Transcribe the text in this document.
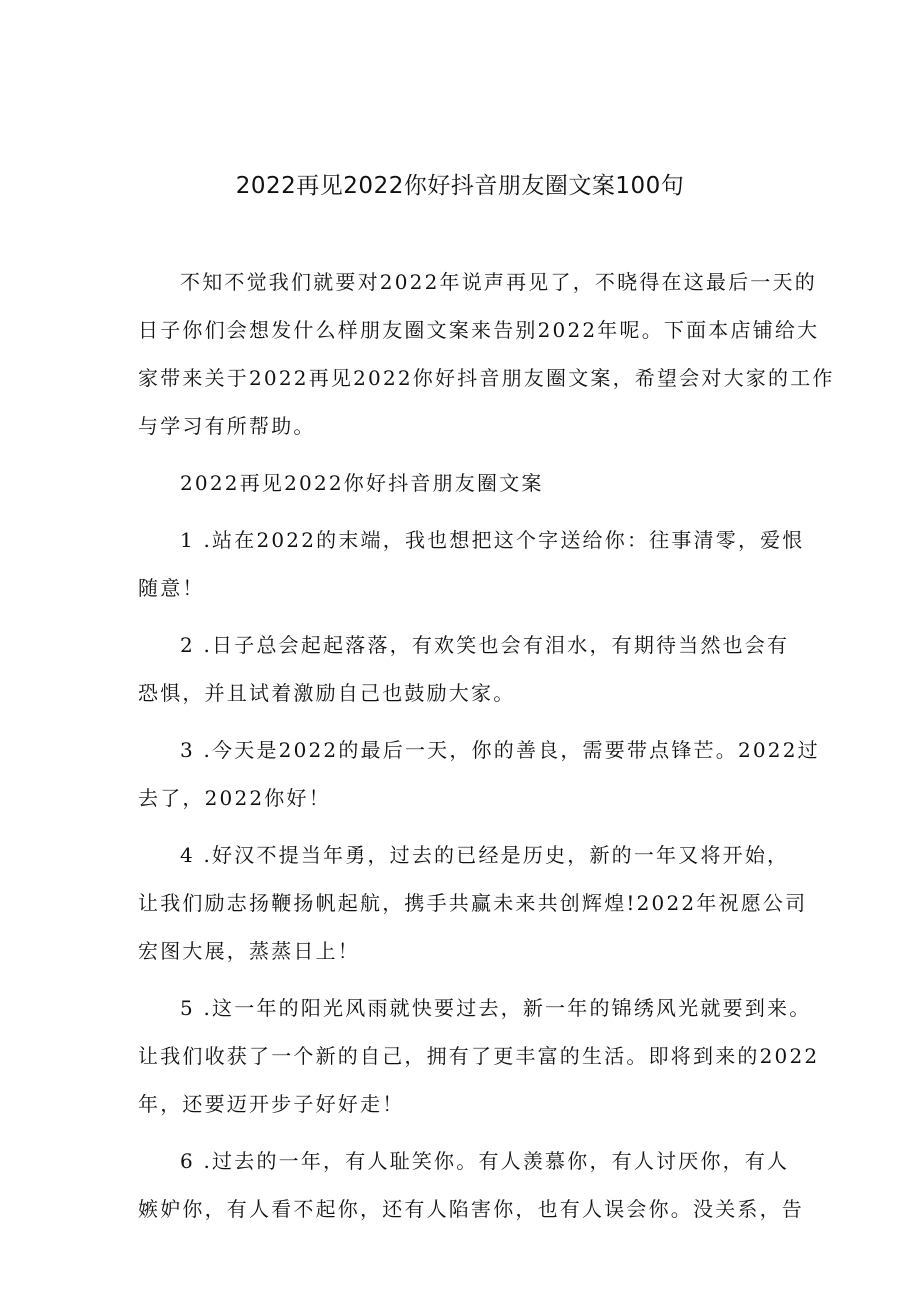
2022再见2022你好抖音朋友圈文案100句
不知不觉我们就要对2022年说声再见了，不晓得在这最后一天的
日子你们会想发什么样朋友圈文案来告别2022年呢。下面本店铺给大
家带来关于2022再见2022你好抖音朋友圈文案，希望会对大家的工作
与学习有所帮助。
2022再见2022你好抖音朋友圈文案
1 .站在2022的末端，我也想把这个字送给你：往事清零，爱恨
随意！
2 .日子总会起起落落，有欢笑也会有泪水，有期待当然也会有
恐惧，并且试着激励自己也鼓励大家。
3 .今天是2022的最后一天，你的善良，需要带点锋芒。2022过
去了，2022你好！
4 .好汉不提当年勇，过去的已经是历史，新的一年又将开始，
让我们励志扬鞭扬帆起航，携手共赢未来共创辉煌!2022年祝愿公司
宏图大展，蒸蒸日上！
5 .这一年的阳光风雨就快要过去，新一年的锦绣风光就要到来。
让我们收获了一个新的自己，拥有了更丰富的生活。即将到来的2022
年，还要迈开步子好好走！
6 .过去的一年，有人耻笑你。有人羡慕你，有人讨厌你，有人
嫉妒你，有人看不起你，还有人陷害你，也有人误会你。没关系，告
